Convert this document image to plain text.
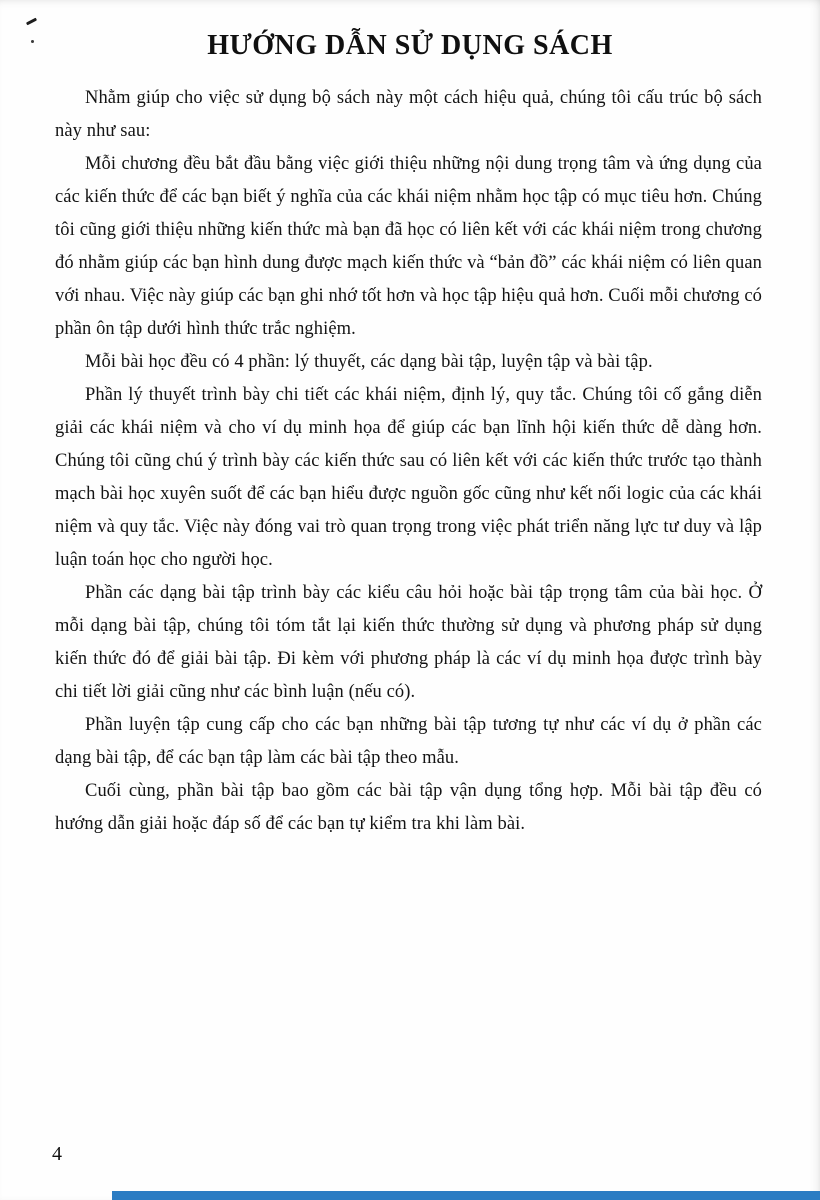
HƯỚNG DẪN SỬ DỤNG SÁCH

Nhằm giúp cho việc sử dụng bộ sách này một cách hiệu quả, chúng tôi cấu trúc bộ sách này như sau:

Mỗi chương đều bắt đầu bằng việc giới thiệu những nội dung trọng tâm và ứng dụng của các kiến thức để các bạn biết ý nghĩa của các khái niệm nhằm học tập có mục tiêu hơn. Chúng tôi cũng giới thiệu những kiến thức mà bạn đã học có liên kết với các khái niệm trong chương đó nhằm giúp các bạn hình dung được mạch kiến thức và “bản đồ” các khái niệm có liên quan với nhau. Việc này giúp các bạn ghi nhớ tốt hơn và học tập hiệu quả hơn. Cuối mỗi chương có phần ôn tập dưới hình thức trắc nghiệm.

Mỗi bài học đều có 4 phần: lý thuyết, các dạng bài tập, luyện tập và bài tập.

Phần lý thuyết trình bày chi tiết các khái niệm, định lý, quy tắc. Chúng tôi cố gắng diễn giải các khái niệm và cho ví dụ minh họa để giúp các bạn lĩnh hội kiến thức dễ dàng hơn. Chúng tôi cũng chú ý trình bày các kiến thức sau có liên kết với các kiến thức trước tạo thành mạch bài học xuyên suốt để các bạn hiểu được nguồn gốc cũng như kết nối logic của các khái niệm và quy tắc. Việc này đóng vai trò quan trọng trong việc phát triển năng lực tư duy và lập luận toán học cho người học.

Phần các dạng bài tập trình bày các kiểu câu hỏi hoặc bài tập trọng tâm của bài học. Ở mỗi dạng bài tập, chúng tôi tóm tắt lại kiến thức thường sử dụng và phương pháp sử dụng kiến thức đó để giải bài tập. Đi kèm với phương pháp là các ví dụ minh họa được trình bày chi tiết lời giải cũng như các bình luận (nếu có).

Phần luyện tập cung cấp cho các bạn những bài tập tương tự như các ví dụ ở phần các dạng bài tập, để các bạn tập làm các bài tập theo mẫu.

Cuối cùng, phần bài tập bao gồm các bài tập vận dụng tổng hợp. Mỗi bài tập đều có hướng dẫn giải hoặc đáp số để các bạn tự kiểm tra khi làm bài.

4
